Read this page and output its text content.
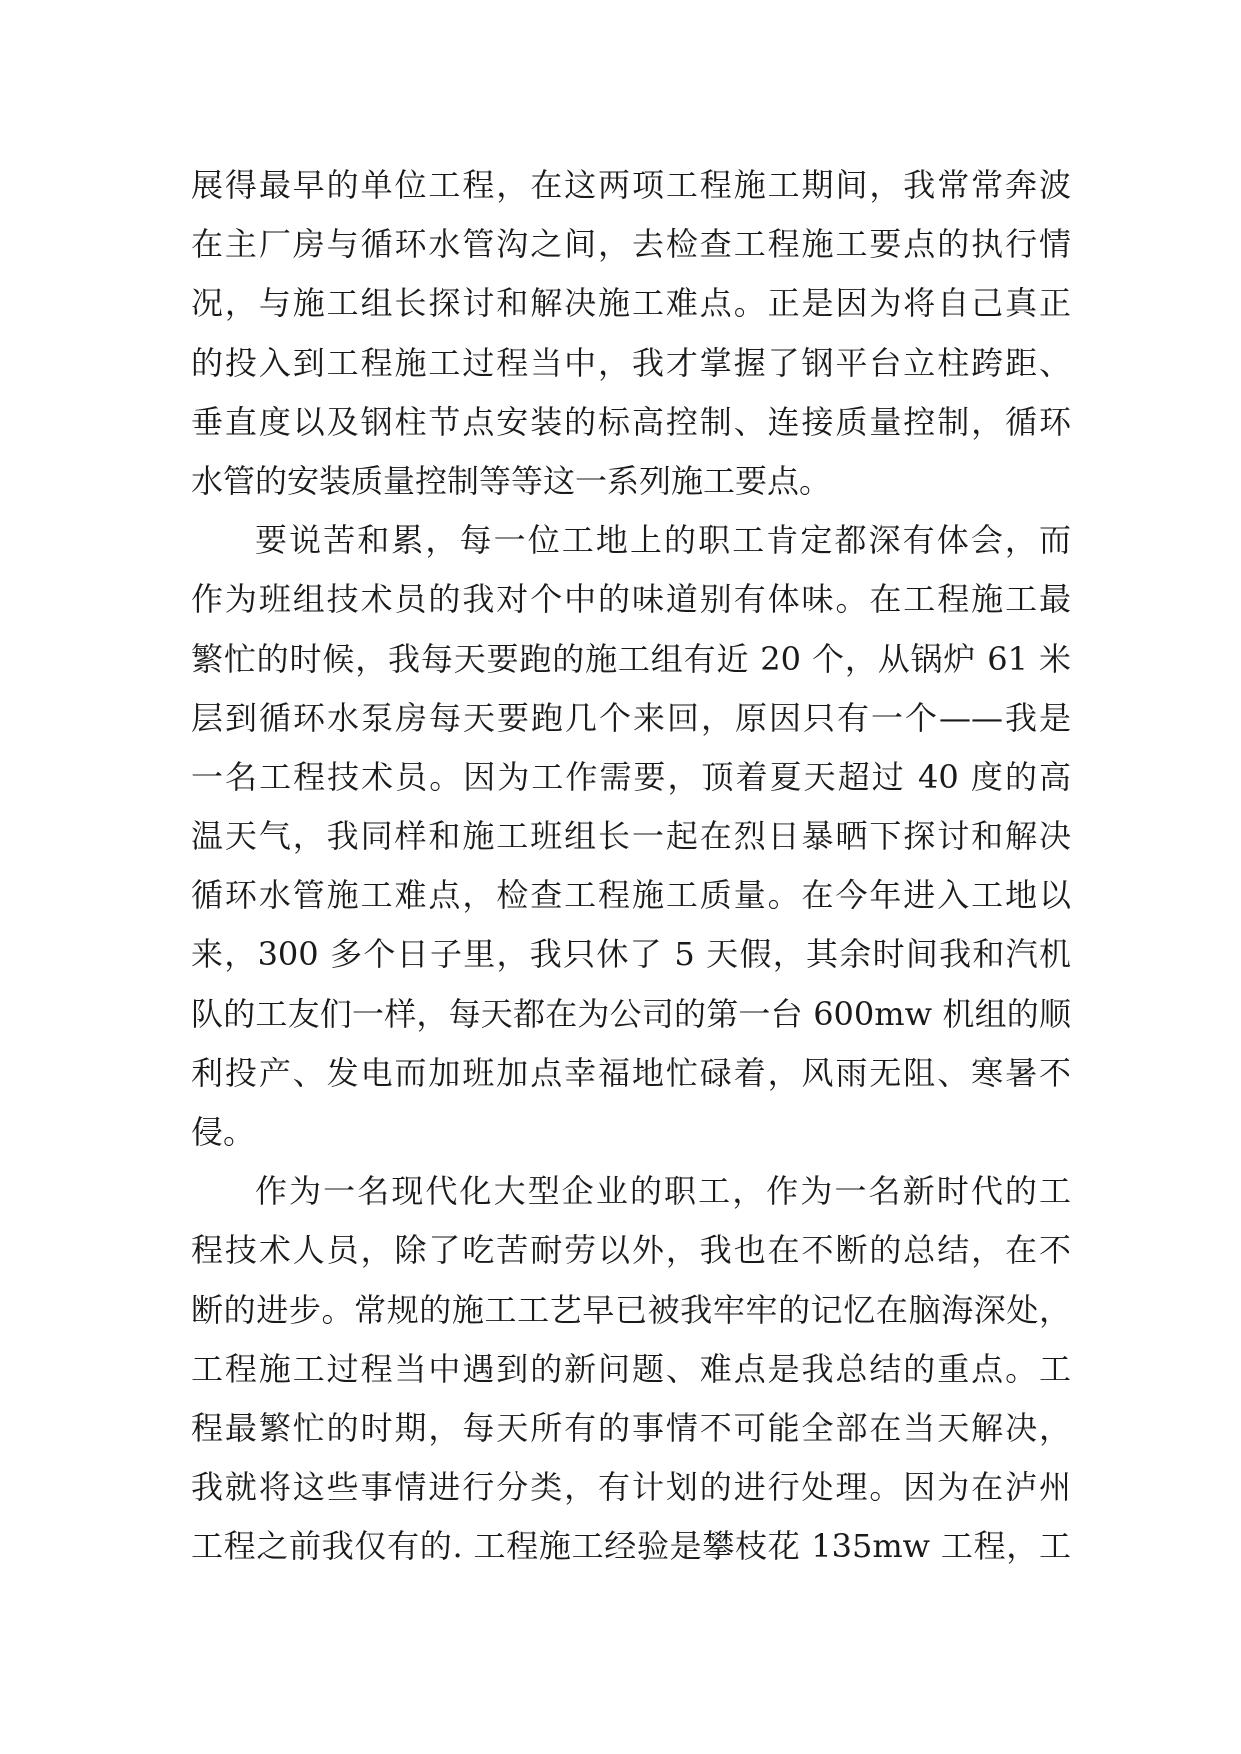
展得最早的单位工程，在这两项工程施工期间，我常常奔波
在主厂房与循环水管沟之间，去检查工程施工要点的执行情
况，与施工组长探讨和解决施工难点。正是因为将自己真正
的投入到工程施工过程当中，我才掌握了钢平台立柱跨距、
垂直度以及钢柱节点安装的标高控制、连接质量控制，循环
水管的安装质量控制等等这一系列施工要点。
要说苦和累，每一位工地上的职工肯定都深有体会，而
作为班组技术员的我对个中的味道别有体味。在工程施工最
繁忙的时候，我每天要跑的施工组有近 20 个，从锅炉 61 米
层到循环水泵房每天要跑几个来回，原因只有一个——我是
一名工程技术员。因为工作需要，顶着夏天超过 40 度的高
温天气，我同样和施工班组长一起在烈日暴晒下探讨和解决
循环水管施工难点，检查工程施工质量。在今年进入工地以
来，300 多个日子里，我只休了 5 天假，其余时间我和汽机
队的工友们一样，每天都在为公司的第一台 600mw 机组的顺
利投产、发电而加班加点幸福地忙碌着，风雨无阻、寒暑不
侵。
作为一名现代化大型企业的职工，作为一名新时代的工
程技术人员，除了吃苦耐劳以外，我也在不断的总结，在不
断的进步。常规的施工工艺早已被我牢牢的记忆在脑海深处，
工程施工过程当中遇到的新问题、难点是我总结的重点。工
程最繁忙的时期，每天所有的事情不可能全部在当天解决，
我就将这些事情进行分类，有计划的进行处理。因为在泸州
工程之前我仅有的. 工程施工经验是攀枝花 135mw 工程，工
